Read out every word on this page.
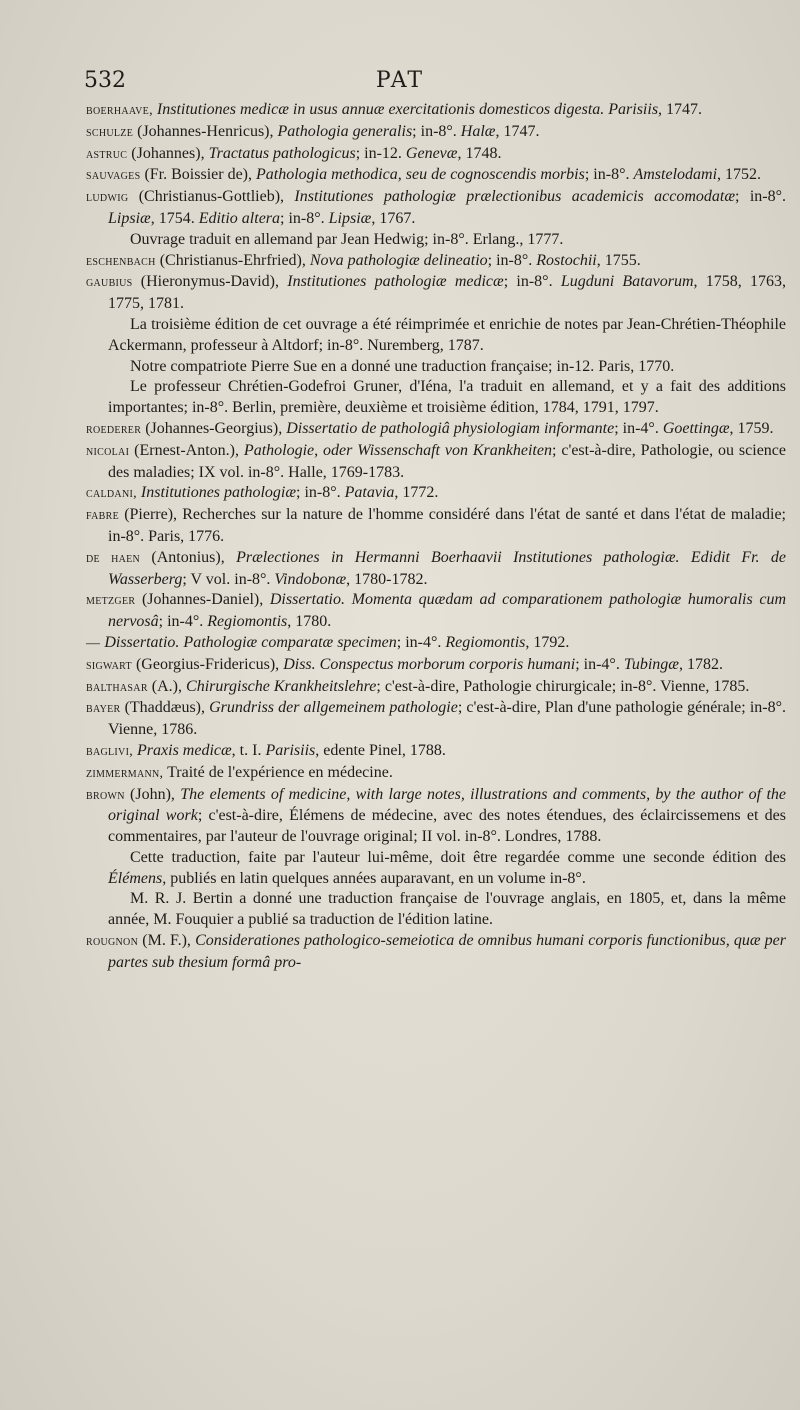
532	PAT

boerhaave, Institutiones medicæ in usus annuæ exercitationis domesticos digesta. Parisiis, 1747.

schulze (Johannes-Henricus), Pathologia generalis; in-8°. Halæ, 1747.

astruc (Johannes), Tractatus pathologicus; in-12. Genevæ, 1748.

sauvages (Fr. Boissier de), Pathologia methodica, seu de cognoscendis morbis; in-8°. Amstelodami, 1752.

ludwig (Christianus-Gottlieb), Institutiones pathologiæ prælectionibus academicis accomodatæ; in-8°. Lipsiæ, 1754. Editio altera; in-8°. Lipsiæ, 1767.

Ouvrage traduit en allemand par Jean Hedwig; in-8°. Erlang., 1777.

eschenbach (Christianus-Ehrfried), Nova pathologiæ delineatio; in-8°. Rostochii, 1755.

gaubius (Hieronymus-David), Institutiones pathologiæ medicæ; in-8°. Lugduni Batavorum, 1758, 1763, 1775, 1781.

La troisième édition de cet ouvrage a été réimprimée et enrichie de notes par Jean-Chrétien-Théophile Ackermann, professeur à Altdorf; in-8°. Nuremberg, 1787.

Notre compatriote Pierre Sue en a donné une traduction française; in-12. Paris, 1770.

Le professeur Chrétien-Godefroi Gruner, d'Iéna, l'a traduit en allemand, et y a fait des additions importantes; in-8°. Berlin, première, deuxième et troisième édition, 1784, 1791, 1797.

roederer (Johannes-Georgius), Dissertatio de pathologiâ physiologiam informante; in-4°. Goettingæ, 1759.

nicolai (Ernest-Anton.), Pathologie, oder Wissenschaft von Krankheiten; c'est-à-dire, Pathologie, ou science des maladies; IX vol. in-8°. Halle, 1769-1783.

caldani, Institutiones pathologiæ; in-8°. Patavia, 1772.

fabre (Pierre), Recherches sur la nature de l'homme considéré dans l'état de santé et dans l'état de maladie; in-8°. Paris, 1776.

de haen (Antonius), Prælectiones in Hermanni Boerhaavii Institutiones pathologiæ. Edidit Fr. de Wasserberg; V vol. in-8°. Vindobonæ, 1780-1782.

metzger (Johannes-Daniel), Dissertatio. Momenta quædam ad comparationem pathologiæ humoralis cum nervosâ; in-4°. Regiomontis, 1780.

— Dissertatio. Pathologiæ comparatæ specimen; in-4°. Regiomontis, 1792.

sigwart (Georgius-Fridericus), Diss. Conspectus morborum corporis humani; in-4°. Tubingæ, 1782.

balthasar (A.), Chirurgische Krankheitslehre; c'est-à-dire, Pathologie chirurgicale; in-8°. Vienne, 1785.

bayer (Thaddæus), Grundriss der allgemeinem pathologie; c'est-à-dire, Plan d'une pathologie générale; in-8°. Vienne, 1786.

baglivi, Praxis medicæ, t. I. Parisiis, edente Pinel, 1788.

zimmermann, Traité de l'expérience en médecine.

brown (John), The elements of medicine, with large notes, illustrations and comments, by the author of the original work; c'est-à-dire, Élémens de médecine, avec des notes étendues, des éclaircissemens et des commentaires, par l'auteur de l'ouvrage original; II vol. in-8°. Londres, 1788.

Cette traduction, faite par l'auteur lui-même, doit être regardée comme une seconde édition des Élémens, publiés en latin quelques années auparavant, en un volume in-8°.

M. R. J. Bertin a donné une traduction française de l'ouvrage anglais, en 1805, et, dans la même année, M. Fouquier a publié sa traduction de l'édition latine.

rougnon (M. F.), Considerationes pathologico-semeiotica de omnibus humani corporis functionibus, quæ per partes sub thesium formâ pro-
